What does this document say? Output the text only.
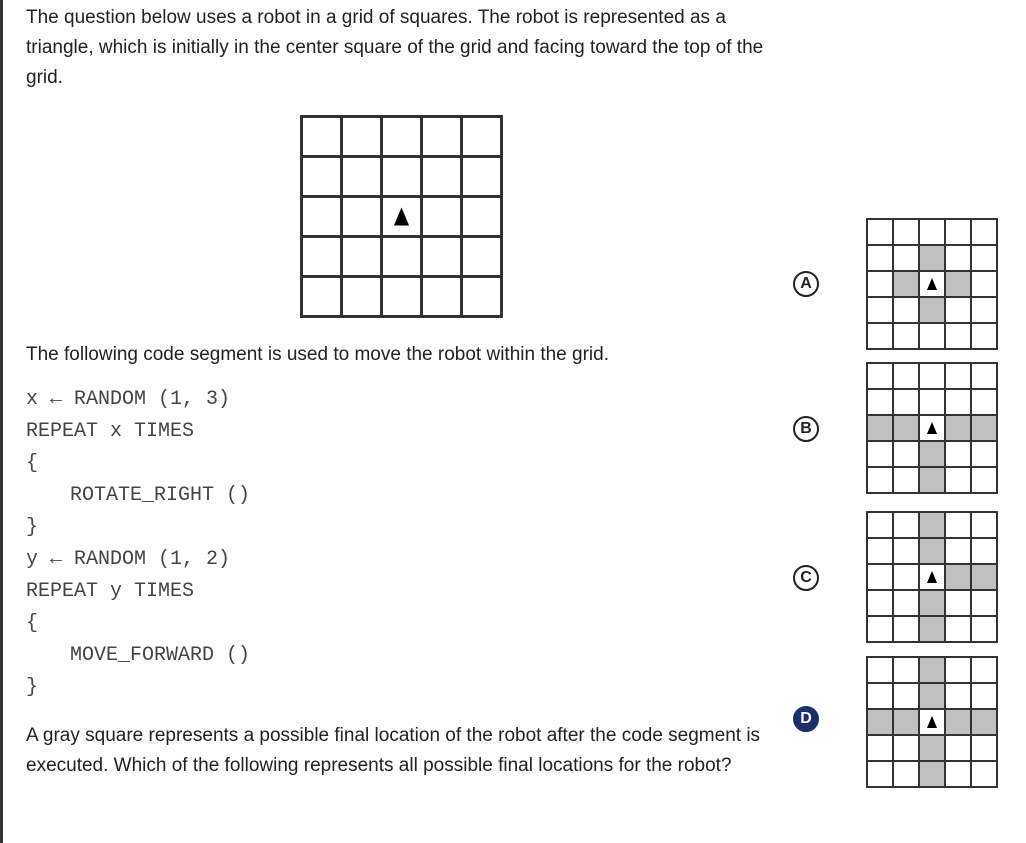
The question below uses a robot in a grid of squares. The robot is represented as a triangle, which is initially in the center square of the grid and facing toward the top of the grid.

The following code segment is used to move the robot within the grid.

x ← RANDOM (1, 3)
REPEAT x TIMES
{
ROTATE_RIGHT ()
}
y ← RANDOM (1, 2)
REPEAT y TIMES
{
MOVE_FORWARD ()
}

A gray square represents a possible final location of the robot after the code segment is executed. Which of the following represents all possible final locations for the robot?

A
B
C
D
